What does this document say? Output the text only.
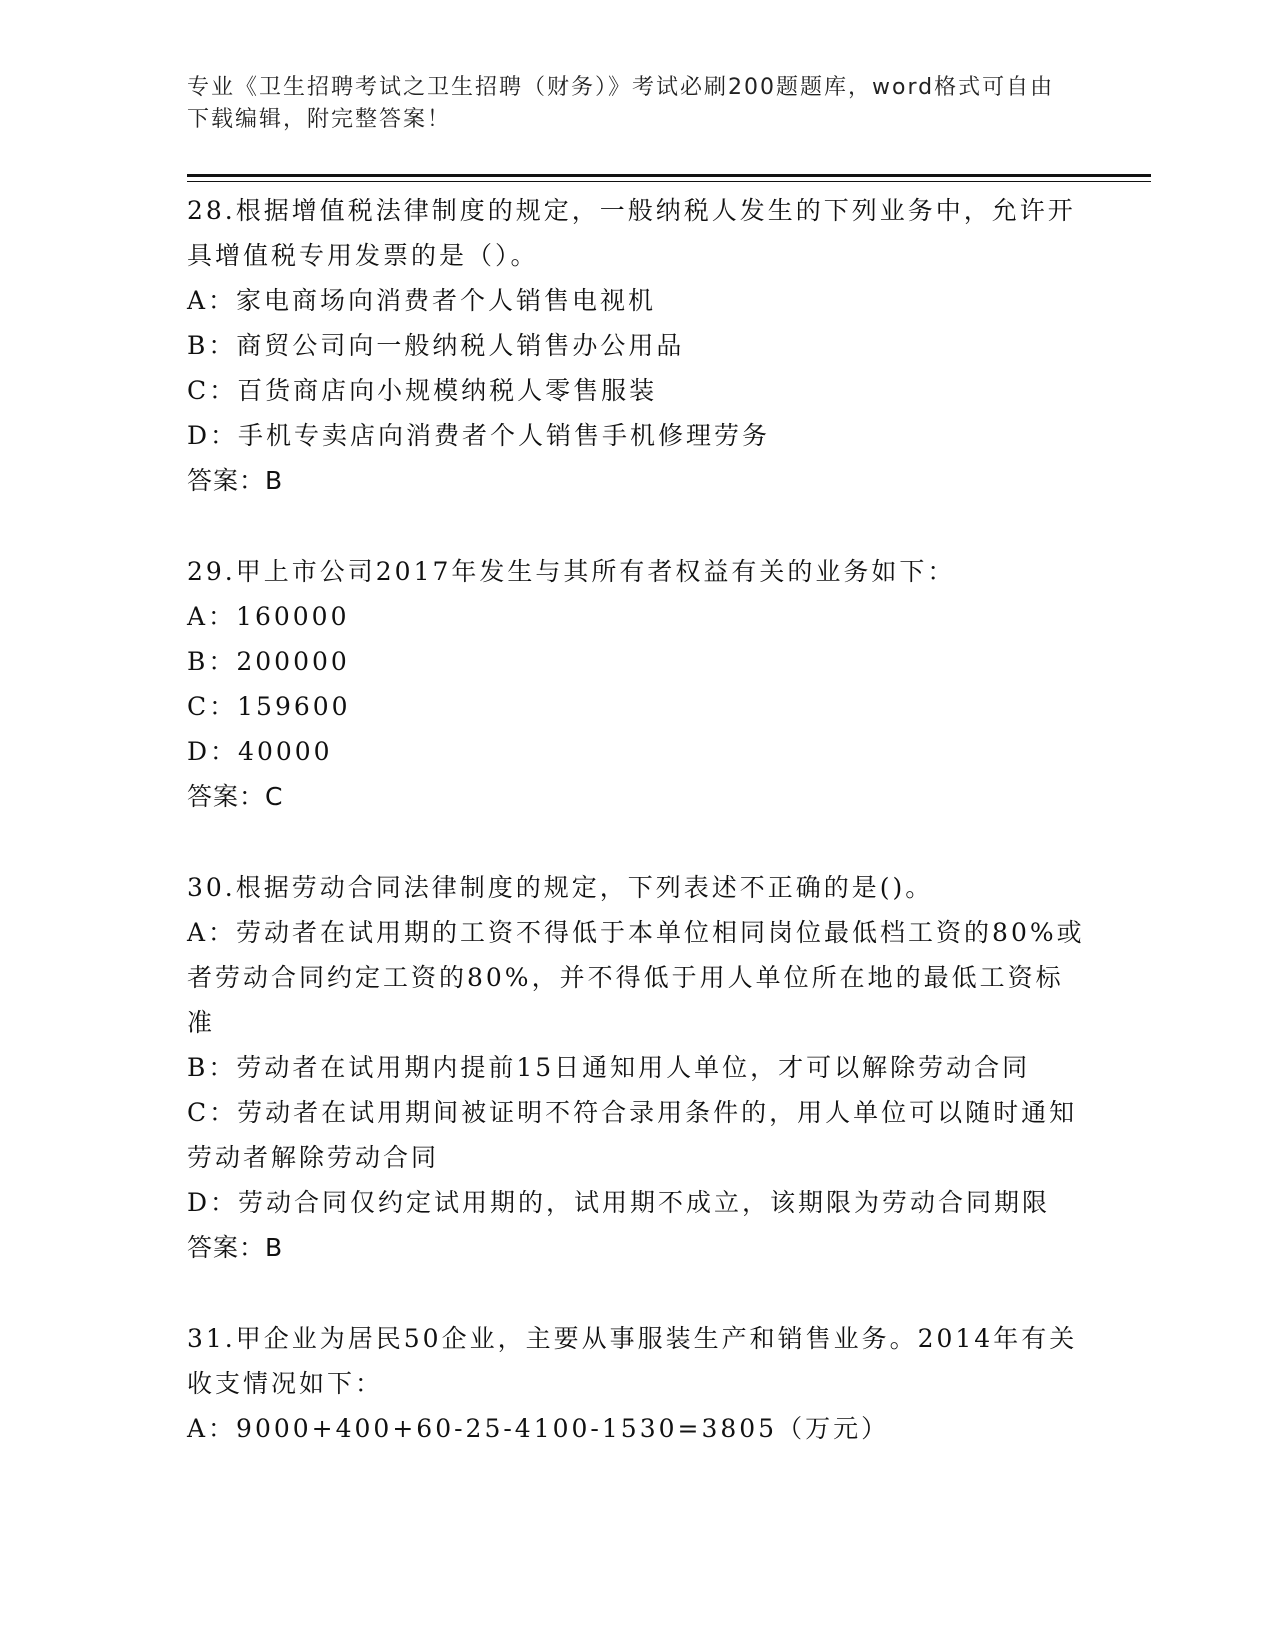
专业《卫生招聘考试之卫生招聘（财务）》考试必刷200题题库，word格式可自由下载编辑，附完整答案！
28.根据增值税法律制度的规定，一般纳税人发生的下列业务中，允许开具增值税专用发票的是（）。
A：家电商场向消费者个人销售电视机
B：商贸公司向一般纳税人销售办公用品
C：百货商店向小规模纳税人零售服装
D：手机专卖店向消费者个人销售手机修理劳务
答案：B
29.甲上市公司2017年发生与其所有者权益有关的业务如下：
A：160000
B：200000
C：159600
D：40000
答案：C
30.根据劳动合同法律制度的规定，下列表述不正确的是()。
A：劳动者在试用期的工资不得低于本单位相同岗位最低档工资的80%或者劳动合同约定工资的80%，并不得低于用人单位所在地的最低工资标准
B：劳动者在试用期内提前15日通知用人单位，才可以解除劳动合同
C：劳动者在试用期间被证明不符合录用条件的，用人单位可以随时通知劳动者解除劳动合同
D：劳动合同仅约定试用期的，试用期不成立，该期限为劳动合同期限
答案：B
31.甲企业为居民50企业，主要从事服装生产和销售业务。2014年有关收支情况如下：
A：9000+400+60-25-4100-1530=3805（万元）
